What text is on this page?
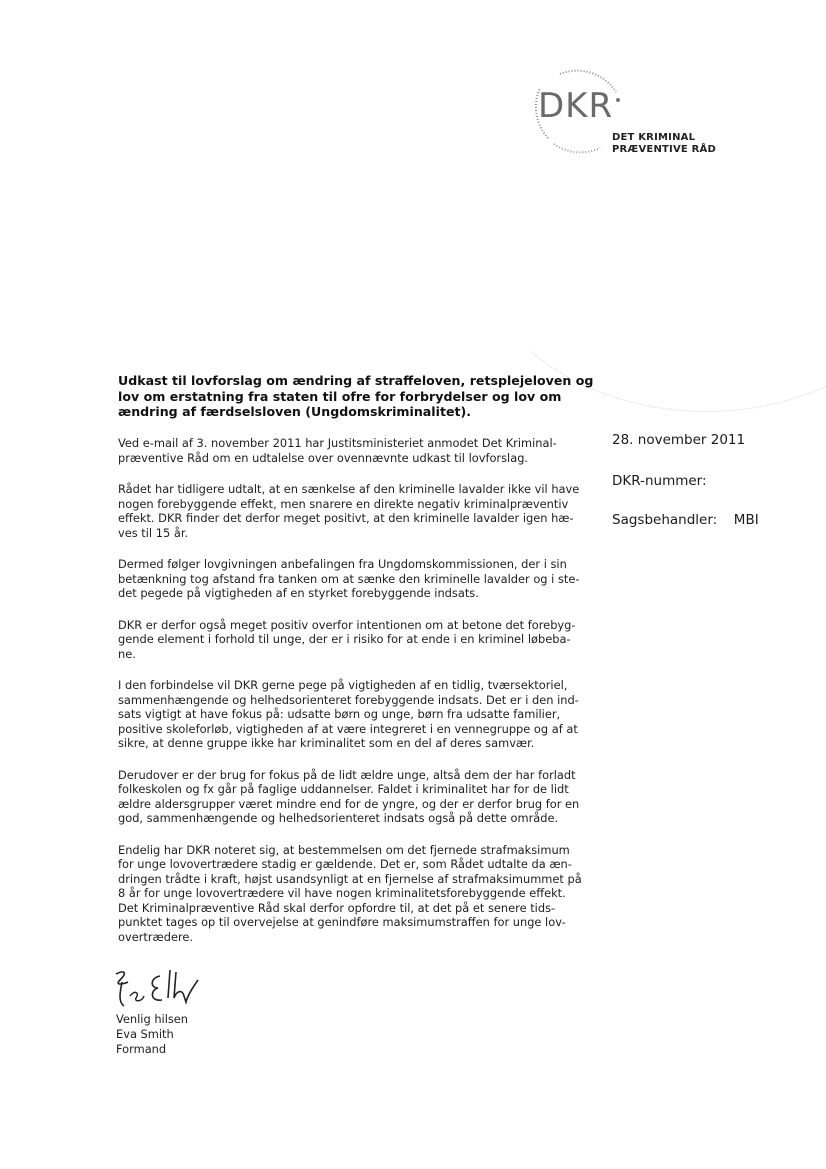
DKR
DET KRIMINAL
PRÆVENTIVE RÅD
Udkast til lovforslag om ændring af straffeloven, retsplejeloven og lov om erstatning fra staten til ofre for forbrydelser og lov om ændring af færdselsloven (Ungdomskriminalitet).
28. november 2011
DKR-nummer:
Sagsbehandler: MBI

Ved e-mail af 3. november 2011 har Justitsministeriet anmodet Det Kriminal-
præventive Råd om en udtalelse over ovennævnte udkast til lovforslag.

Rådet har tidligere udtalt, at en sænkelse af den kriminelle lavalder ikke vil have
nogen forebyggende effekt, men snarere en direkte negativ kriminalpræventiv
effekt. DKR finder det derfor meget positivt, at den kriminelle lavalder igen hæ-
ves til 15 år.

Dermed følger lovgivningen anbefalingen fra Ungdomskommissionen, der i sin
betænkning tog afstand fra tanken om at sænke den kriminelle lavalder og i ste-
det pegede på vigtigheden af en styrket forebyggende indsats.

DKR er derfor også meget positiv overfor intentionen om at betone det forebyg-
gende element i forhold til unge, der er i risiko for at ende i en kriminel løbeba-
ne.

I den forbindelse vil DKR gerne pege på vigtigheden af en tidlig, tværsektoriel,
sammenhængende og helhedsorienteret forebyggende indsats. Det er i den ind-
sats vigtigt at have fokus på: udsatte børn og unge, børn fra udsatte familier,
positive skoleforløb, vigtigheden af at være integreret i en vennegruppe og af at
sikre, at denne gruppe ikke har kriminalitet som en del af deres samvær.

Derudover er der brug for fokus på de lidt ældre unge, altså dem der har forladt
folkeskolen og fx går på faglige uddannelser. Faldet i kriminalitet har for de lidt
ældre aldersgrupper været mindre end for de yngre, og der er derfor brug for en
god, sammenhængende og helhedsorienteret indsats også på dette område.

Endelig har DKR noteret sig, at bestemmelsen om det fjernede strafmaksimum
for unge lovovertrædere stadig er gældende. Det er, som Rådet udtalte da æn-
dringen trådte i kraft, højst usandsynligt at en fjernelse af strafmaksimummet på
8 år for unge lovovertrædere vil have nogen kriminalitetsforebyggende effekt.
Det Kriminalpræventive Råd skal derfor opfordre til, at det på et senere tids-
punktet tages op til overvejelse at genindføre maksimumstraffen for unge lov-
overtrædere.

Venlig hilsen
Eva Smith
Formand
